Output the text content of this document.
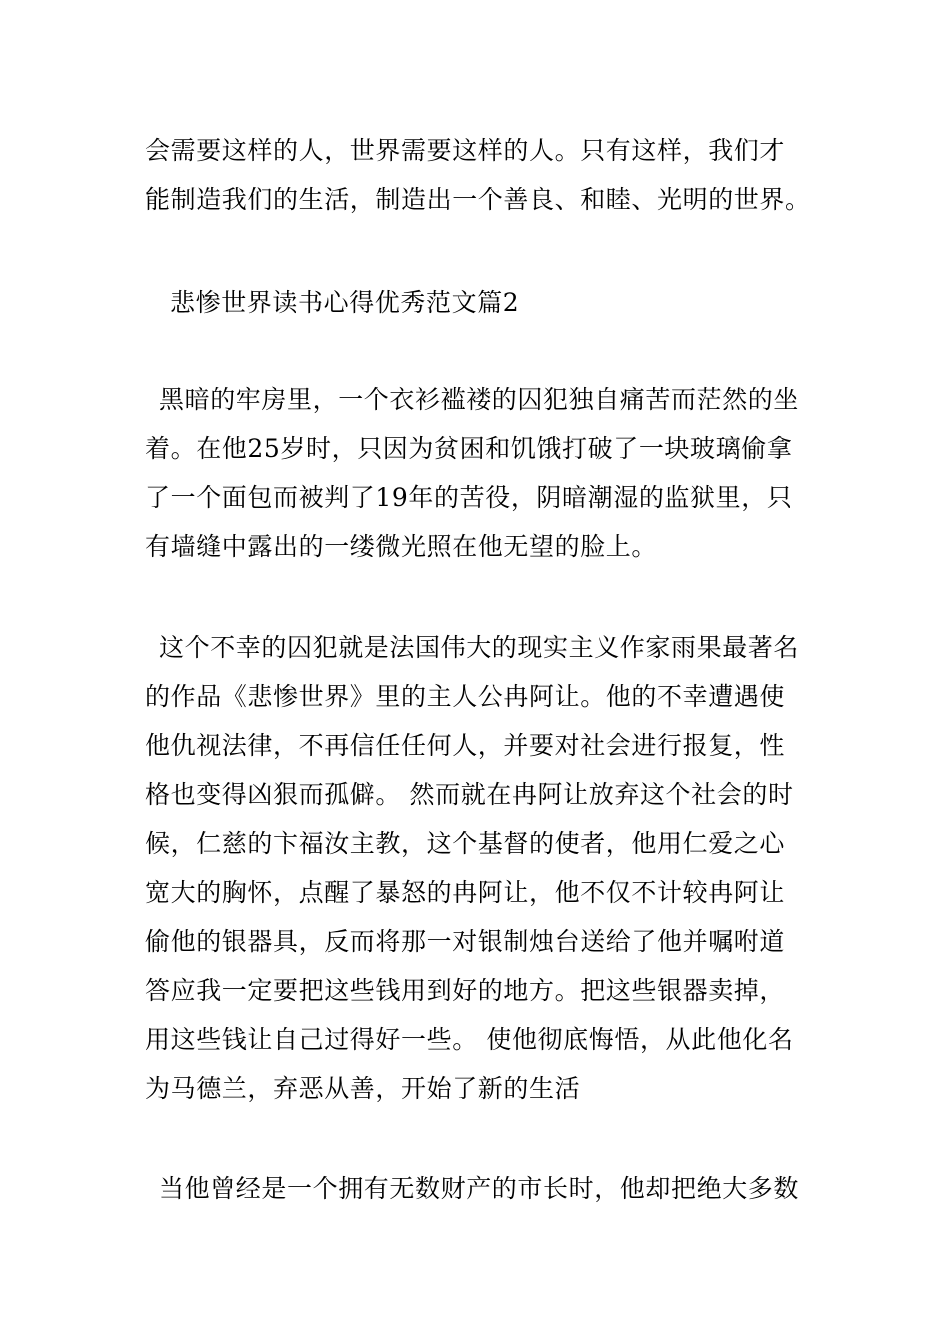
会需要这样的人，世界需要这样的人。只有这样，我们才
能制造我们的生活，制造出一个善良、和睦、光明的世界。
悲惨世界读书心得优秀范文篇2
黑暗的牢房里，一个衣衫褴褛的囚犯独自痛苦而茫然的坐
着。在他25岁时，只因为贫困和饥饿打破了一块玻璃偷拿
了一个面包而被判了19年的苦役，阴暗潮湿的监狱里，只
有墙缝中露出的一缕微光照在他无望的脸上。
这个不幸的囚犯就是法国伟大的现实主义作家雨果最著名
的作品《悲惨世界》里的主人公冉阿让。他的不幸遭遇使
他仇视法律，不再信任任何人，并要对社会进行报复，性
格也变得凶狠而孤僻。 然而就在冉阿让放弃这个社会的时
候，仁慈的卞福汝主教，这个基督的使者，他用仁爱之心
宽大的胸怀，点醒了暴怒的冉阿让，他不仅不计较冉阿让
偷他的银器具，反而将那一对银制烛台送给了他并嘱咐道
答应我一定要把这些钱用到好的地方。把这些银器卖掉，
用这些钱让自己过得好一些。 使他彻底悔悟，从此他化名
为马德兰，弃恶从善，开始了新的生活
当他曾经是一个拥有无数财产的市长时，他却把绝大多数
